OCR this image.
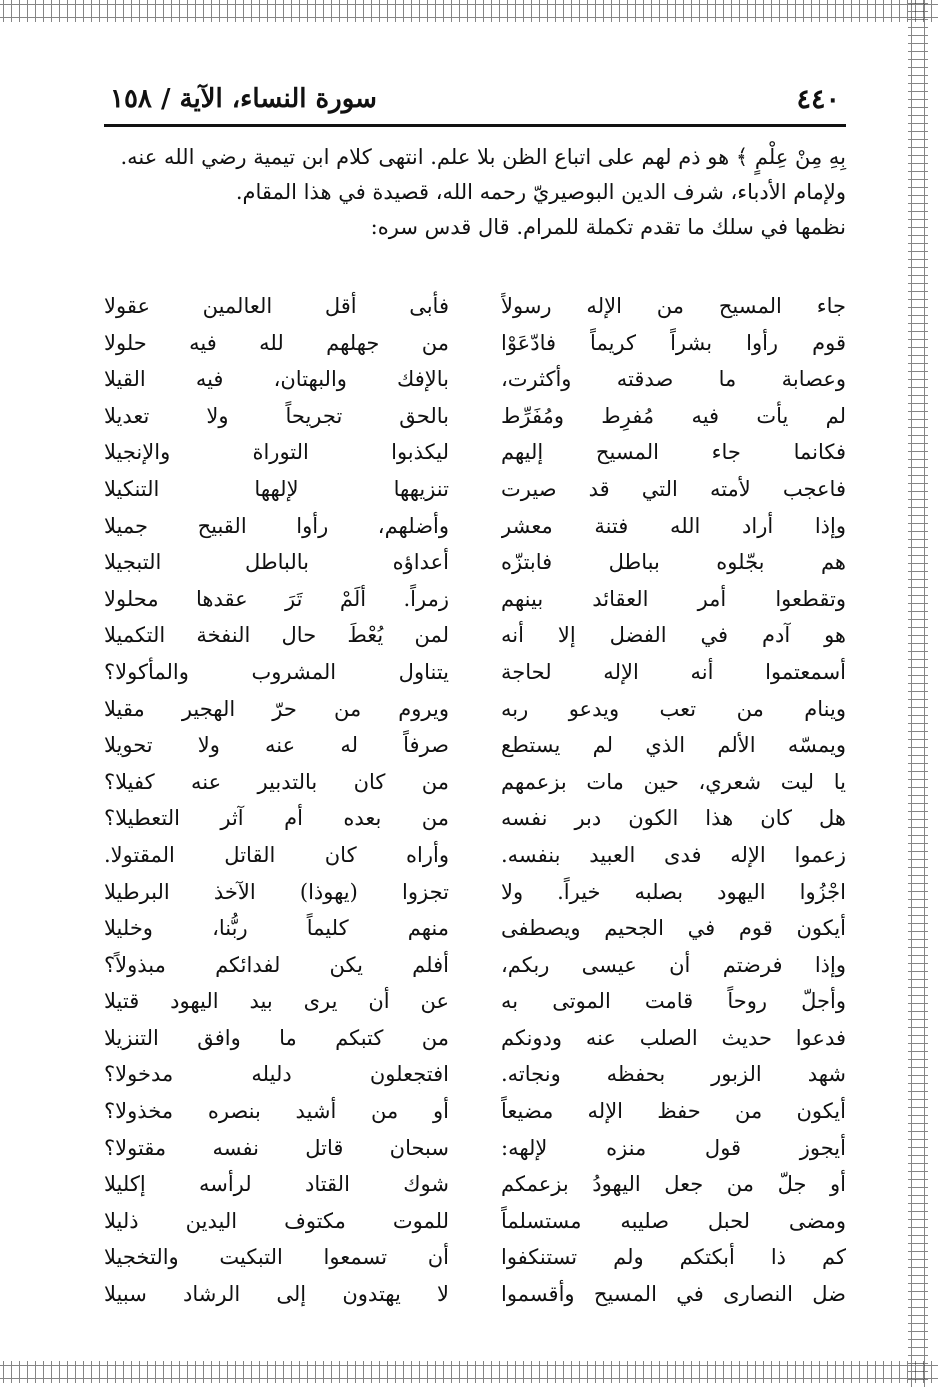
٤٤٠
سورة النساء، الآية / ١٥٨

بِهِ مِنْ عِلْمٍ ﴾ هو ذم لهم على اتباع الظن بلا علم. انتهى كلام ابن تيمية رضي الله عنه.

ولإمام الأدباء، شرف الدين البوصيريّ رحمه الله، قصيدة في هذا المقام.

نظمها في سلك ما تقدم تكملة للمرام. قال قدس سره:

جاء المسيح من الإله رسولاً
قوم رأوا بشراً كريماً فادّعَوْا
وعصابة ما صدقته وأكثرت،
لم يأت فيه مُفرِط ومُفَرِّط
فكانما جاء المسيح إليهم
فاعجب لأمته التي قد صيرت
وإذا أراد الله فتنة معشر
هم بجّلوه بباطل فابتزّه
وتقطعوا أمر العقائد بينهم
هو آدم في الفضل إلا أنه
أسمعتموا أنه الإله لحاجة
وينام من تعب ويدعو ربه
ويمسّه الألم الذي لم يستطع
يا ليت شعري، حين مات بزعمهم
هل كان هذا الكون دبر نفسه
زعموا الإله فدى العبيد بنفسه.
اجْزُوا اليهود بصلبه خيراً. ولا
أيكون قوم في الجحيم ويصطفى
وإذا فرضتم أن عيسى ربكم،
وأجلّ روحاً قامت الموتى به
فدعوا حديث الصلب عنه ودونكم
شهد الزبور بحفظه ونجاته.
أيكون من حفظ الإله مضيعاً
أيجوز قول منزه لإلهه:
أو جلّ من جعل اليهودُ بزعمكم
ومضى لحبل صليبه مستسلماً
كم ذا أبكتكم ولم تستنكفوا
ضل النصارى في المسيح وأقسموا
فأبى أقل العالمين عقولا
من جهلهم لله فيه حلولا
بالإفك والبهتان، فيه القيلا
بالحق تجريحاً ولا تعديلا
ليكذبوا التوراة والإنجيلا
تنزيهها لإلهها التنكيلا
وأضلهم، رأوا القبيح جميلا
أعداؤه بالباطل التبجيلا
زمراً. ألَمْ تَرَ عقدها محلولا
لمن يُعْطَ حال النفخة التكميلا
يتناول المشروب والمأكولا؟
ويروم من حرّ الهجير مقيلا
صرفاً له عنه ولا تحويلا
من كان بالتدبير عنه كفيلا؟
من بعده أم آثر التعطيلا؟
وأراه كان القاتل المقتولا.
تجزوا (يهوذا) الآخذ البرطيلا
منهم كليماً ربُّنا، وخليلا
أفلم يكن لفدائكم مبذولاً؟
عن أن يرى بيد اليهود قتيلا
من كتبكم ما وافق التنزيلا
افتجعلون دليله مدخولا؟
أو من أشيد بنصره مخذولا؟
سبحان قاتل نفسه مقتولا؟
شوك القتاد لرأسه إكليلا
للموت مكتوف اليدين ذليلا
أن تسمعوا التبكيت والتخجيلا
لا يهتدون إلى الرشاد سبيلا
